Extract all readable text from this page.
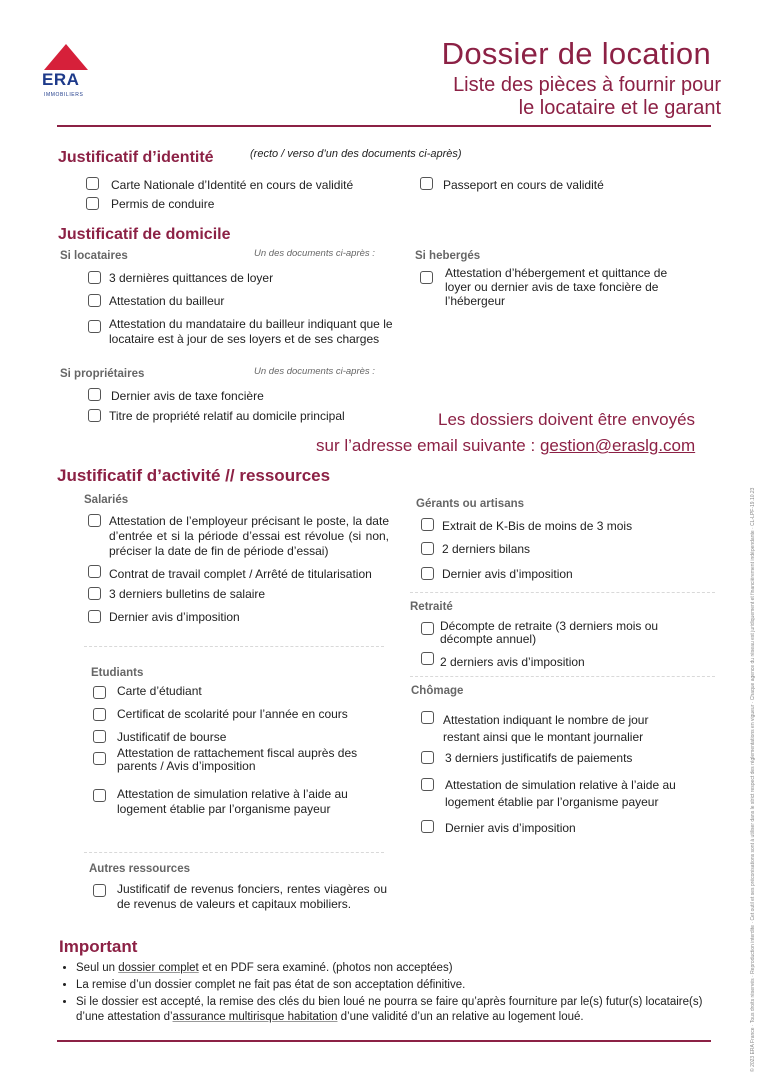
ERA
IMMOBILIERS
Dossier de location
Liste des pièces à fournir pour
le locataire et le garant
Justificatif d’identité	(recto / verso d’un des documents ci-après)
Carte Nationale d’Identité en cours de validité
Permis de conduire
Passeport en cours de validité
Justificatif de domicile
Si locataires	Un des documents ci-après :
3 dernières quittances de loyer
Attestation du bailleur
Attestation du mandataire du bailleur indiquant que le locataire est à jour de ses loyers et de ses charges
Si hebergés
Attestation d’hébergement et quittance de loyer ou dernier avis de taxe foncière de l’hébergeur
Si propriétaires	Un des documents ci-après :
Dernier avis de taxe foncière
Titre de propriété relatif au domicile principal	Les dossiers doivent être envoyés
sur l’adresse email suivante : gestion@eraslg.com
Justificatif d’activité // ressources
Salariés
Attestation de l’employeur précisant le poste, la date d’entrée et si la période d’essai est révolue (si non, préciser la date de fin de période d’essai)
Contrat de travail complet / Arrêté de titularisation
3 derniers bulletins de salaire
Dernier avis d’imposition
Gérants ou artisans
Extrait de K-Bis de moins de 3 mois
2 derniers bilans
Dernier avis d’imposition
Retraité
Décompte de retraite (3 derniers mois ou décompte annuel)
2 derniers avis d’imposition
Etudiants
Carte d’étudiant
Certificat de scolarité pour l’année en cours
Justificatif de bourse
Attestation de rattachement fiscal auprès des parents / Avis d’imposition
Attestation de simulation relative à l’aide au logement établie par l’organisme payeur
Chômage
Attestation indiquant le nombre de jour restant ainsi que le montant journalier
3 derniers justificatifs de paiements
Attestation de simulation relative à l’aide au logement établie par l’organisme payeur
Dernier avis d’imposition
Autres ressources
Justificatif de revenus fonciers, rentes viagères ou de revenus de valeurs et capitaux mobiliers.
Important
• Seul un dossier complet et en PDF sera examiné. (photos non acceptées)
• La remise d’un dossier complet ne fait pas état de son acceptation définitive.
• Si le dossier est accepté, la remise des clés du bien loué ne pourra se faire qu’après fourniture par le(s) futur(s) locataire(s) d’une attestation d’assurance multirisque habitation d’une validité d’un an relative au logement loué.	© 2023 ERA France · Tous droits réservés · Reproduction interdite · Cet outil et ses préconisations sont à utiliser dans le strict respect des réglementations en vigueur · Chaque agence du réseau est juridiquement et financièrement indépendante · CL-LPF-19.10.23
